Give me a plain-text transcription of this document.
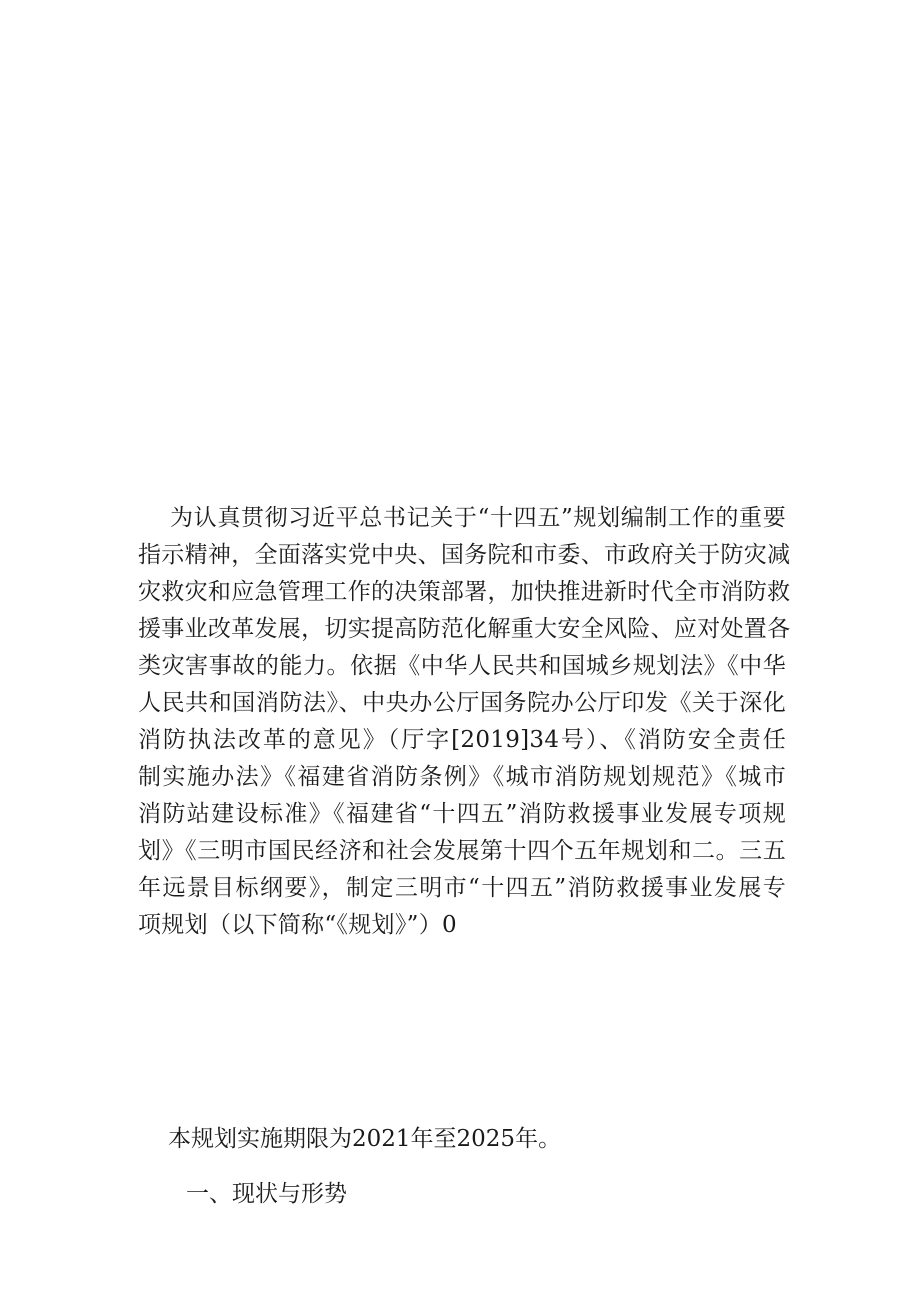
为认真贯彻习近平总书记关于“十四五”规划编制工作的重要
指示精神，全面落实党中央、国务院和市委、市政府关于防灾减
灾救灾和应急管理工作的决策部署，加快推进新时代全市消防救
援事业改革发展，切实提高防范化解重大安全风险、应对处置各
类灾害事故的能力。依据《中华人民共和国城乡规划法》《中华
人民共和国消防法》、中央办公厅国务院办公厅印发《关于深化
消防执法改革的意见》（厅字[2019]34号）、《消防安全责任
制实施办法》《福建省消防条例》《城市消防规划规范》《城市
消防站建设标准》《福建省“十四五”消防救援事业发展专项规
划》《三明市国民经济和社会发展第十四个五年规划和二。三五
年远景目标纲要》，制定三明市“十四五”消防救援事业发展专
项规划（以下简称“《规划》”）0
本规划实施期限为2021年至2025年。
一、现状与形势
